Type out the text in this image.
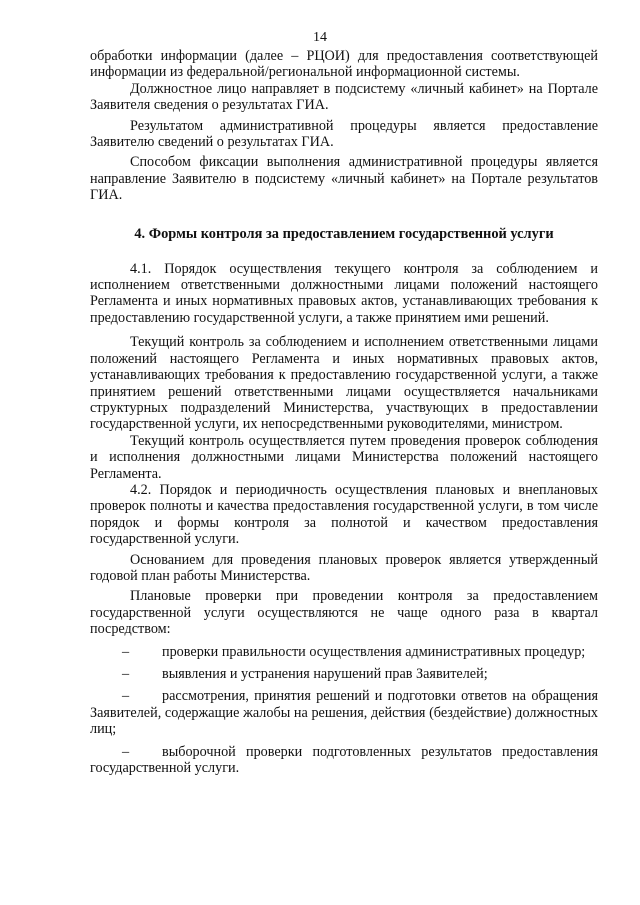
14

обработки информации (далее – РЦОИ) для предоставления соответствующей информации из федеральной/региональной информационной системы.

Должностное лицо направляет в подсистему «личный кабинет» на Портале Заявителя сведения о результатах ГИА.

Результатом административной процедуры является предоставление Заявителю сведений о результатах ГИА.

Способом фиксации выполнения административной процедуры является направление Заявителю в подсистему «личный кабинет» на Портале результатов ГИА.

4. Формы контроля за предоставлением государственной услуги

4.1. Порядок осуществления текущего контроля за соблюдением и исполнением ответственными должностными лицами положений настоящего Регламента и иных нормативных правовых актов, устанавливающих требования к предоставлению государственной услуги, а также принятием ими решений.

Текущий контроль за соблюдением и исполнением ответственными лицами положений настоящего Регламента и иных нормативных правовых актов, устанавливающих требования к предоставлению государственной услуги, а также принятием решений ответственными лицами осуществляется начальниками структурных подразделений Министерства, участвующих в предоставлении государственной услуги, их непосредственными руководителями, министром.

Текущий контроль осуществляется путем проведения проверок соблюдения и исполнения должностными лицами Министерства положений настоящего Регламента.

4.2. Порядок и периодичность осуществления плановых и внеплановых проверок полноты и качества предоставления государственной услуги, в том числе порядок и формы контроля за полнотой и качеством предоставления государственной услуги.

Основанием для проведения плановых проверок является утвержденный годовой план работы Министерства.

Плановые проверки при проведении контроля за предоставлением государственной услуги осуществляются не чаще одного раза в квартал посредством:

–	проверки правильности осуществления административных процедур;
–	выявления и устранения нарушений прав Заявителей;
–	рассмотрения, принятия решений и подготовки ответов на обращения Заявителей, содержащие жалобы на решения, действия (бездействие) должностных лиц;
–	выборочной проверки подготовленных результатов предоставления государственной услуги.
